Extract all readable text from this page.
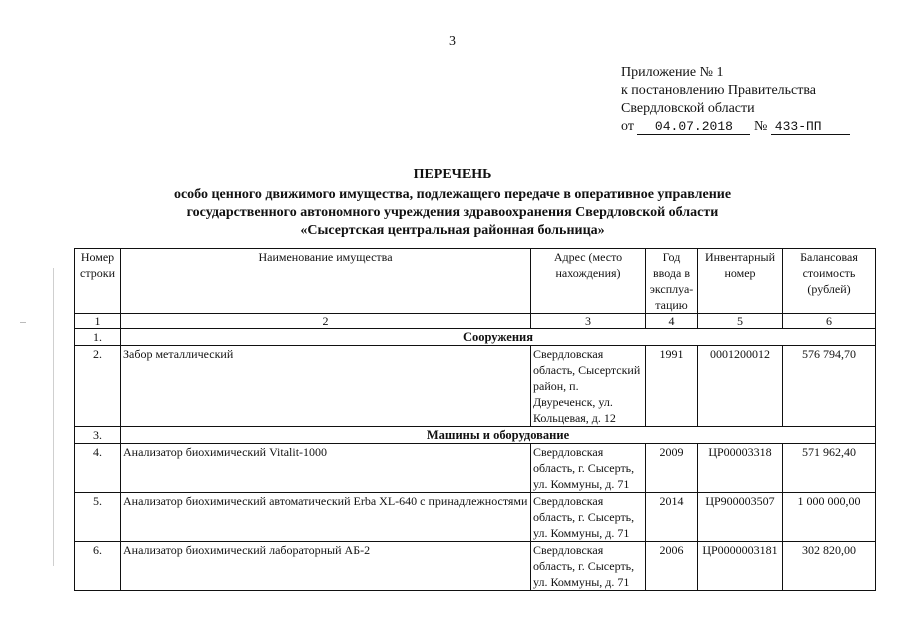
3
Приложение № 1
к постановлению Правительства
Свердловской области
от 04.07.2018 № 433-ПП
ПЕРЕЧЕНЬ
особо ценного движимого имущества, подлежащего передаче в оперативное управление
государственного автономного учреждения здравоохранения Свердловской области
«Сысертская центральная районная больница»
Номер строки	Наименование имущества	Адрес (место нахождения)	Год ввода в эксплуа-тацию	Инвентарный номер	Балансовая стоимость (рублей)
1	2	3	4	5	6
1.	Сооружения				
2.	Забор металлический	Свердловская область, Сысертский район, п. Двуреченск, ул. Кольцевая, д. 12	1991	0001200012	576 794,70
3.	Машины и оборудование				
4.	Анализатор биохимический Vitalit-1000	Свердловская область, г. Сысерть, ул. Коммуны, д. 71	2009	ЦР00003318	571 962,40
5.	Анализатор биохимический автоматический Erba XL-640 с принадлежностями	Свердловская область, г. Сысерть, ул. Коммуны, д. 71	2014	ЦР900003507	1 000 000,00
6.	Анализатор биохимический лабораторный АБ-2	Свердловская область, г. Сысерть, ул. Коммуны, д. 71	2006	ЦР0000003181	302 820,00
